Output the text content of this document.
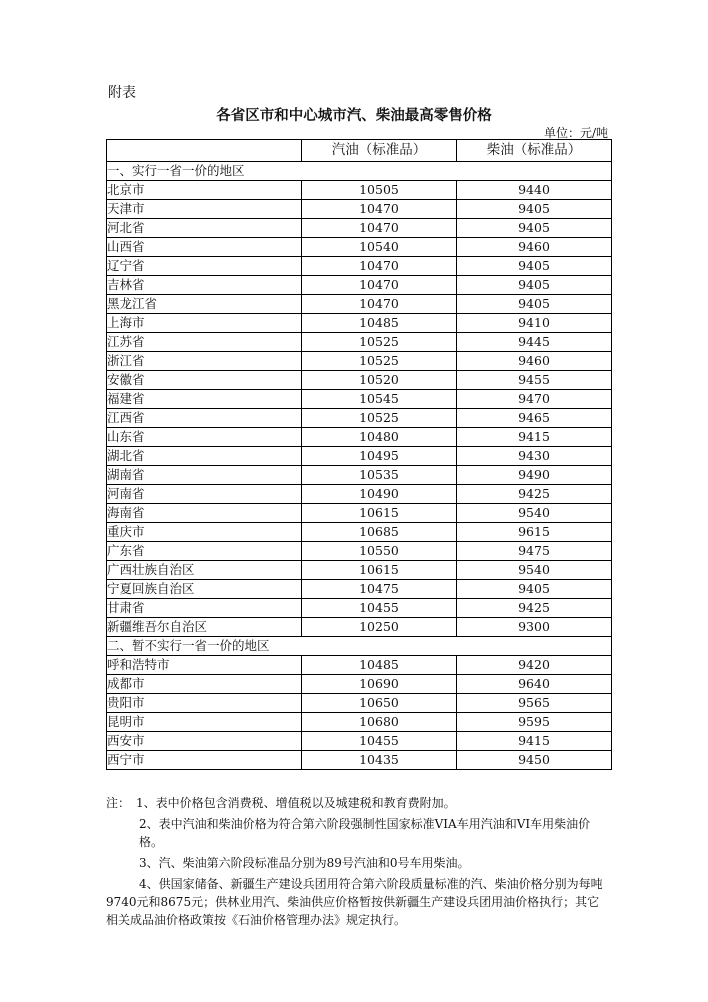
附表
各省区市和中心城市汽、柴油最高零售价格
单位：元/吨
	汽油（标准品）	柴油（标准品）
一、实行一省一价的地区		
北京市	10505	9440
天津市	10470	9405
河北省	10470	9405
山西省	10540	9460
辽宁省	10470	9405
吉林省	10470	9405
黑龙江省	10470	9405
上海市	10485	9410
江苏省	10525	9445
浙江省	10525	9460
安徽省	10520	9455
福建省	10545	9470
江西省	10525	9465
山东省	10480	9415
湖北省	10495	9430
湖南省	10535	9490
河南省	10490	9425
海南省	10615	9540
重庆市	10685	9615
广东省	10550	9475
广西壮族自治区	10615	9540
宁夏回族自治区	10475	9405
甘肃省	10455	9425
新疆维吾尔自治区	10250	9300
二、暂不实行一省一价的地区		
呼和浩特市	10485	9420
成都市	10690	9640
贵阳市	10650	9565
昆明市	10680	9595
西安市	10455	9415
西宁市	10435	9450

注：　1、表中价格包含消费税、增值税以及城建税和教育费附加。

2、表中汽油和柴油价格为符合第六阶段强制性国家标准VIA车用汽油和VI车用柴油价格。

3、汽、柴油第六阶段标准品分别为89号汽油和0号车用柴油。

4、供国家储备、新疆生产建设兵团用符合第六阶段质量标准的汽、柴油价格分别为每吨9740元和8675元；供林业用汽、柴油供应价格暂按供新疆生产建设兵团用油价格执行；其它相关成品油价格政策按《石油价格管理办法》规定执行。
